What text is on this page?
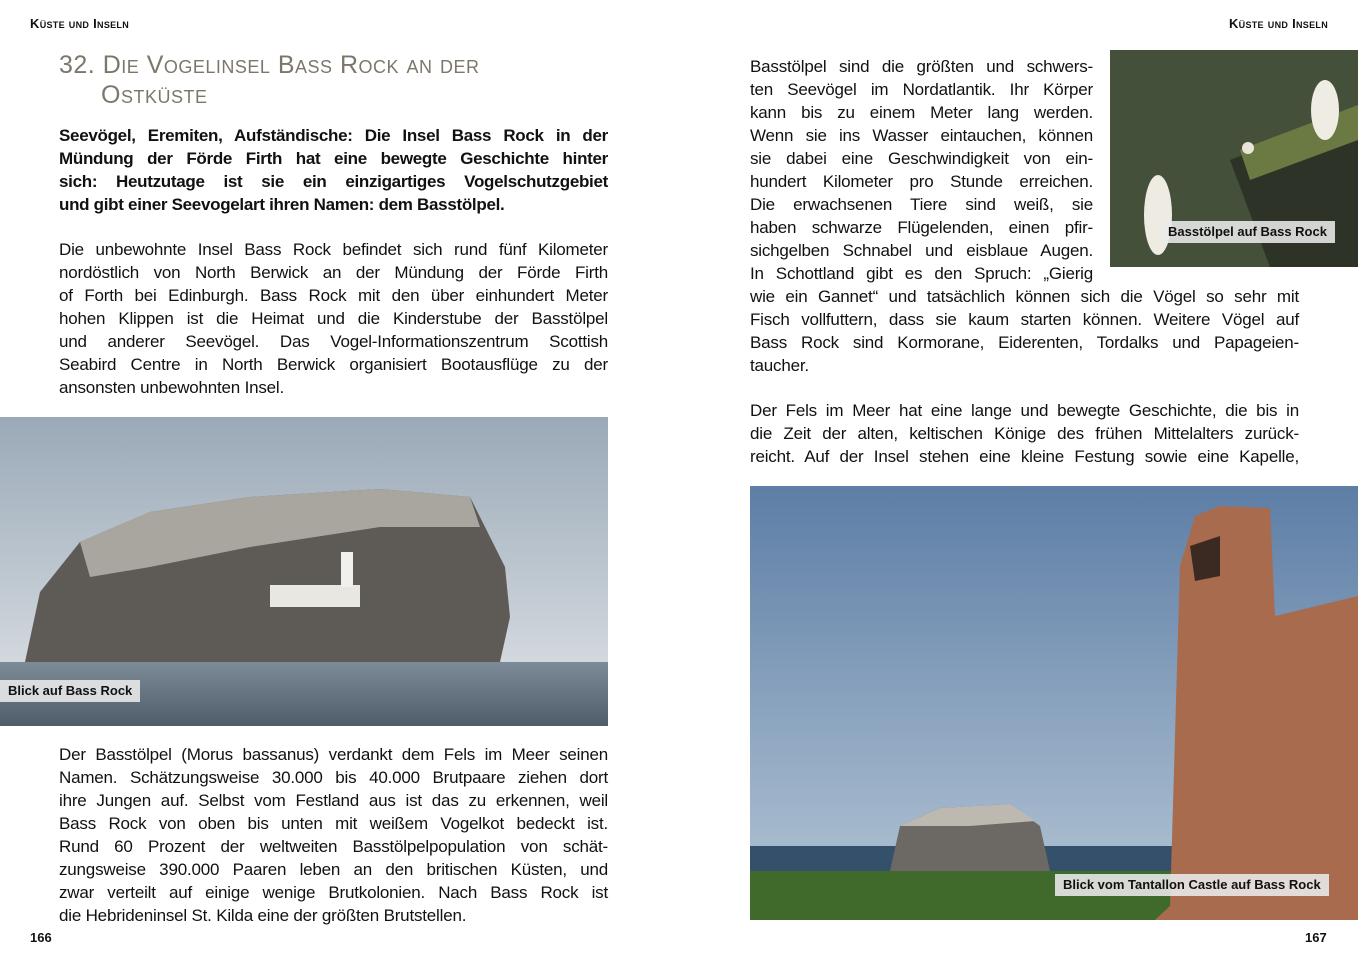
Küste und Inseln
32. Die Vogelinsel Bass Rock an der
Ostküste
Seevögel, Eremiten, Aufständische: Die Insel Bass Rock in der
Mündung der Förde Firth hat eine bewegte Geschichte hinter
sich: Heutzutage ist sie ein einzigartiges Vogelschutzgebiet
und gibt einer Seevogelart ihren Namen: dem Basstölpel.
Die unbewohnte Insel Bass Rock befindet sich rund fünf Kilometer
nordöstlich von North Berwick an der Mündung der Förde Firth
of Forth bei Edinburgh. Bass Rock mit den über einhundert Meter
hohen Klippen ist die Heimat und die Kinderstube der Basstölpel
und anderer Seevögel. Das Vogel-Informationszentrum Scottish
Seabird Centre in North Berwick organisiert Bootausflüge zu der
ansonsten unbewohnten Insel.
Blick auf Bass Rock
Der Basstölpel (Morus bassanus) verdankt dem Fels im Meer seinen
Namen. Schätzungsweise 30.000 bis 40.000 Brutpaare ziehen dort
ihre Jungen auf. Selbst vom Festland aus ist das zu erkennen, weil
Bass Rock von oben bis unten mit weißem Vogelkot bedeckt ist.
Rund 60 Prozent der weltweiten Basstölpelpopulation von schät-
zungsweise 390.000 Paaren leben an den britischen Küsten, und
zwar verteilt auf einige wenige Brutkolonien. Nach Bass Rock ist
die Hebrideninsel St. Kilda eine der größten Brutstellen.
166
Küste und Inseln
Basstölpel sind die größten und schwers-
ten Seevögel im Nordatlantik. Ihr Körper
kann bis zu einem Meter lang werden.
Wenn sie ins Wasser eintauchen, können
sie dabei eine Geschwindigkeit von ein-
hundert Kilometer pro Stunde erreichen.
Die erwachsenen Tiere sind weiß, sie
haben schwarze Flügelenden, einen pfir-
sichgelben Schnabel und eisblaue Augen.
In Schottland gibt es den Spruch: „Gierig
wie ein Gannet“ und tatsächlich können sich die Vögel so sehr mit
Fisch vollfuttern, dass sie kaum starten können. Weitere Vögel auf
Bass Rock sind Kormorane, Eiderenten, Tordalks und Papageien-
taucher.
Der Fels im Meer hat eine lange und bewegte Geschichte, die bis in
die Zeit der alten, keltischen Könige des frühen Mittelalters zurück-
reicht. Auf der Insel stehen eine kleine Festung sowie eine Kapelle,
Basstölpel auf Bass Rock
Blick vom Tantallon Castle auf Bass Rock
167
